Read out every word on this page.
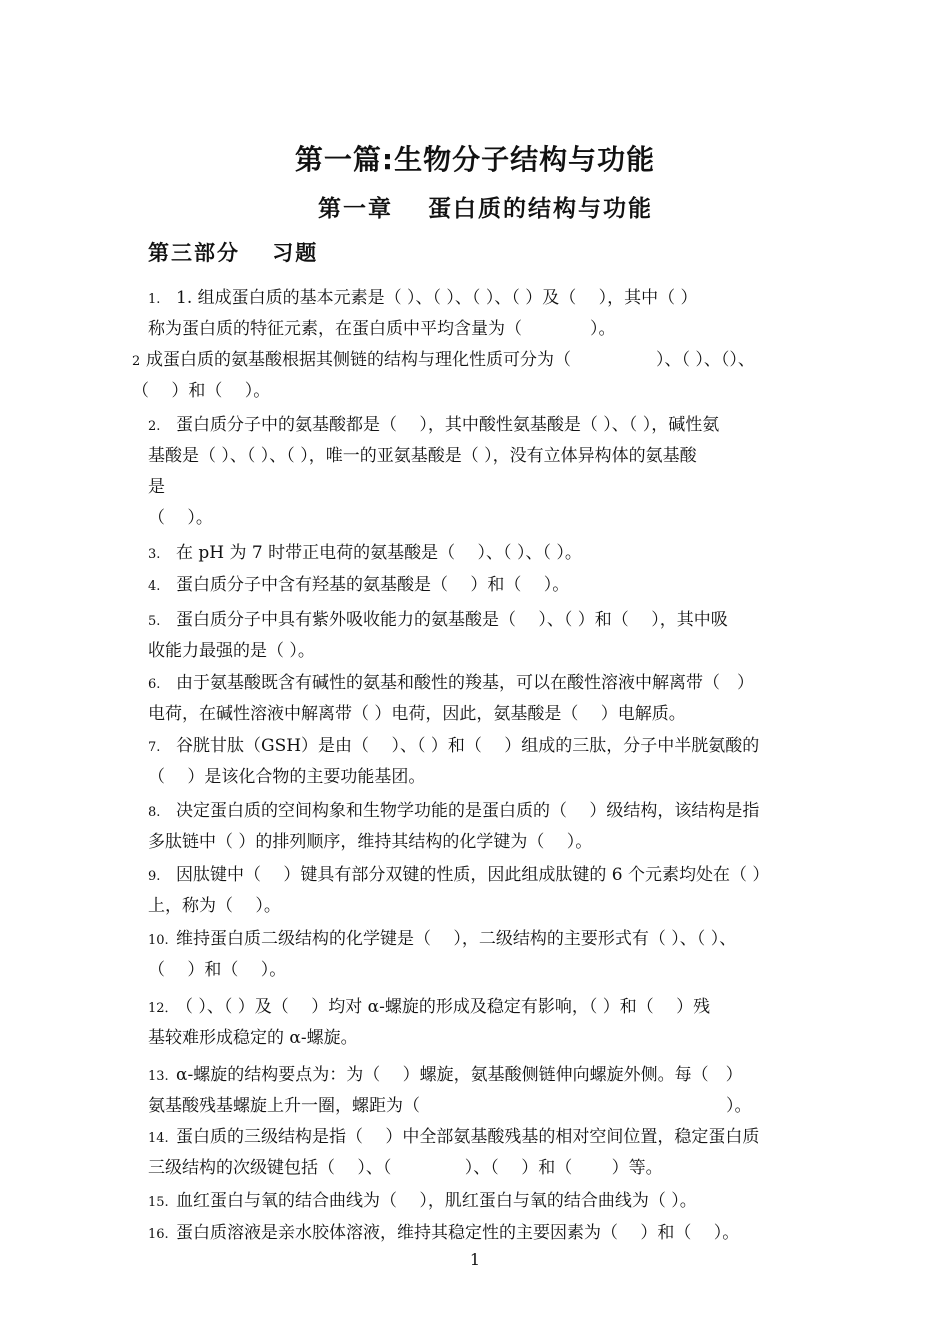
第一篇:生物分子结构与功能
第一章　 蛋白质的结构与功能
第三部分　 习题
1. 1. 组成蛋白质的基本元素是（ ）、（ ）、（ ）、（ ）及（　 ），其中（ ）
称为蛋白质的特征元素，在蛋白质中平均含量为（　　　　）。
2 成蛋白质的氨基酸根据其侧链的结构与理化性质可分为（　　　　　）、（ ）、（）、
（　 ）和（　 ）。
2. 蛋白质分子中的氨基酸都是（　 ），其中酸性氨基酸是（ ）、（ ），碱性氨
基酸是（ ）、（ ）、（ ），唯一的亚氨基酸是（ ），没有立体异构体的氨基酸
是
（　 ）。
3. 在 pH 为 7 时带正电荷的氨基酸是（　 ）、（ ）、（ ）。
4. 蛋白质分子中含有羟基的氨基酸是（　 ）和（　 ）。
5. 蛋白质分子中具有紫外吸收能力的氨基酸是（　 ）、（ ）和（　 ），其中吸
收能力最强的是（ ）。
6. 由于氨基酸既含有碱性的氨基和酸性的羧基，可以在酸性溶液中解离带（　）
电荷，在碱性溶液中解离带（ ）电荷，因此，氨基酸是（　 ）电解质。
7. 谷胱甘肽（GSH）是由（　 ）、（ ）和（　 ）组成的三肽，分子中半胱氨酸的
（　 ）是该化合物的主要功能基团。
8. 决定蛋白质的空间构象和生物学功能的是蛋白质的（　 ）级结构，该结构是指
多肽链中（ ）的排列顺序，维持其结构的化学键为（　 ）。
9. 因肽键中（　 ）键具有部分双键的性质，因此组成肽键的 6 个元素均处在（ ）
上，称为（　 ）。
10. 维持蛋白质二级结构的化学键是（　 ），二级结构的主要形式有（ ）、（ ）、
（　 ）和（　 ）。
12．（ ）、（ ）及（　 ）均对 α-螺旋的形成及稳定有影响，（ ）和（　 ）残
基较难形成稳定的 α-螺旋。
13. α-螺旋的结构要点为：为（　 ）螺旋，氨基酸侧链伸向螺旋外侧。每（　）
氨基酸残基螺旋上升一圈，螺距为（　　　　　　　　　　　　　　　　　　）。
14. 蛋白质的三级结构是指（　 ）中全部氨基酸残基的相对空间位置，稳定蛋白质
三级结构的次级键包括（　 ）、（　　　　 ）、（　 ）和（　　 ）等。
15. 血红蛋白与氧的结合曲线为（　 ），肌红蛋白与氧的结合曲线为（ ）。
16. 蛋白质溶液是亲水胶体溶液，维持其稳定性的主要因素为（　 ）和（　 ）。
1
